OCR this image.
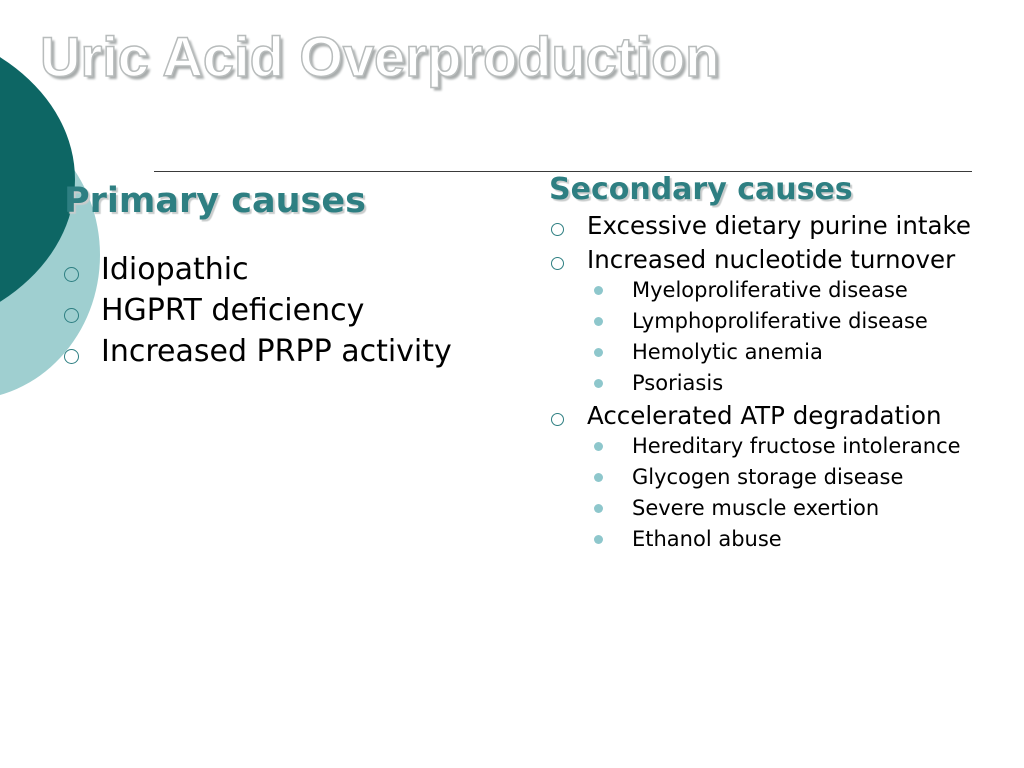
Uric Acid Overproduction
Primary causes
Idiopathic
HGPRT deficiency
Increased PRPP activity
Secondary causes
Excessive dietary purine intake
Increased nucleotide turnover
Myeloproliferative disease
Lymphoproliferative disease
Hemolytic anemia
Psoriasis
Accelerated ATP degradation
Hereditary fructose intolerance
Glycogen storage disease
Severe muscle exertion
Ethanol abuse
